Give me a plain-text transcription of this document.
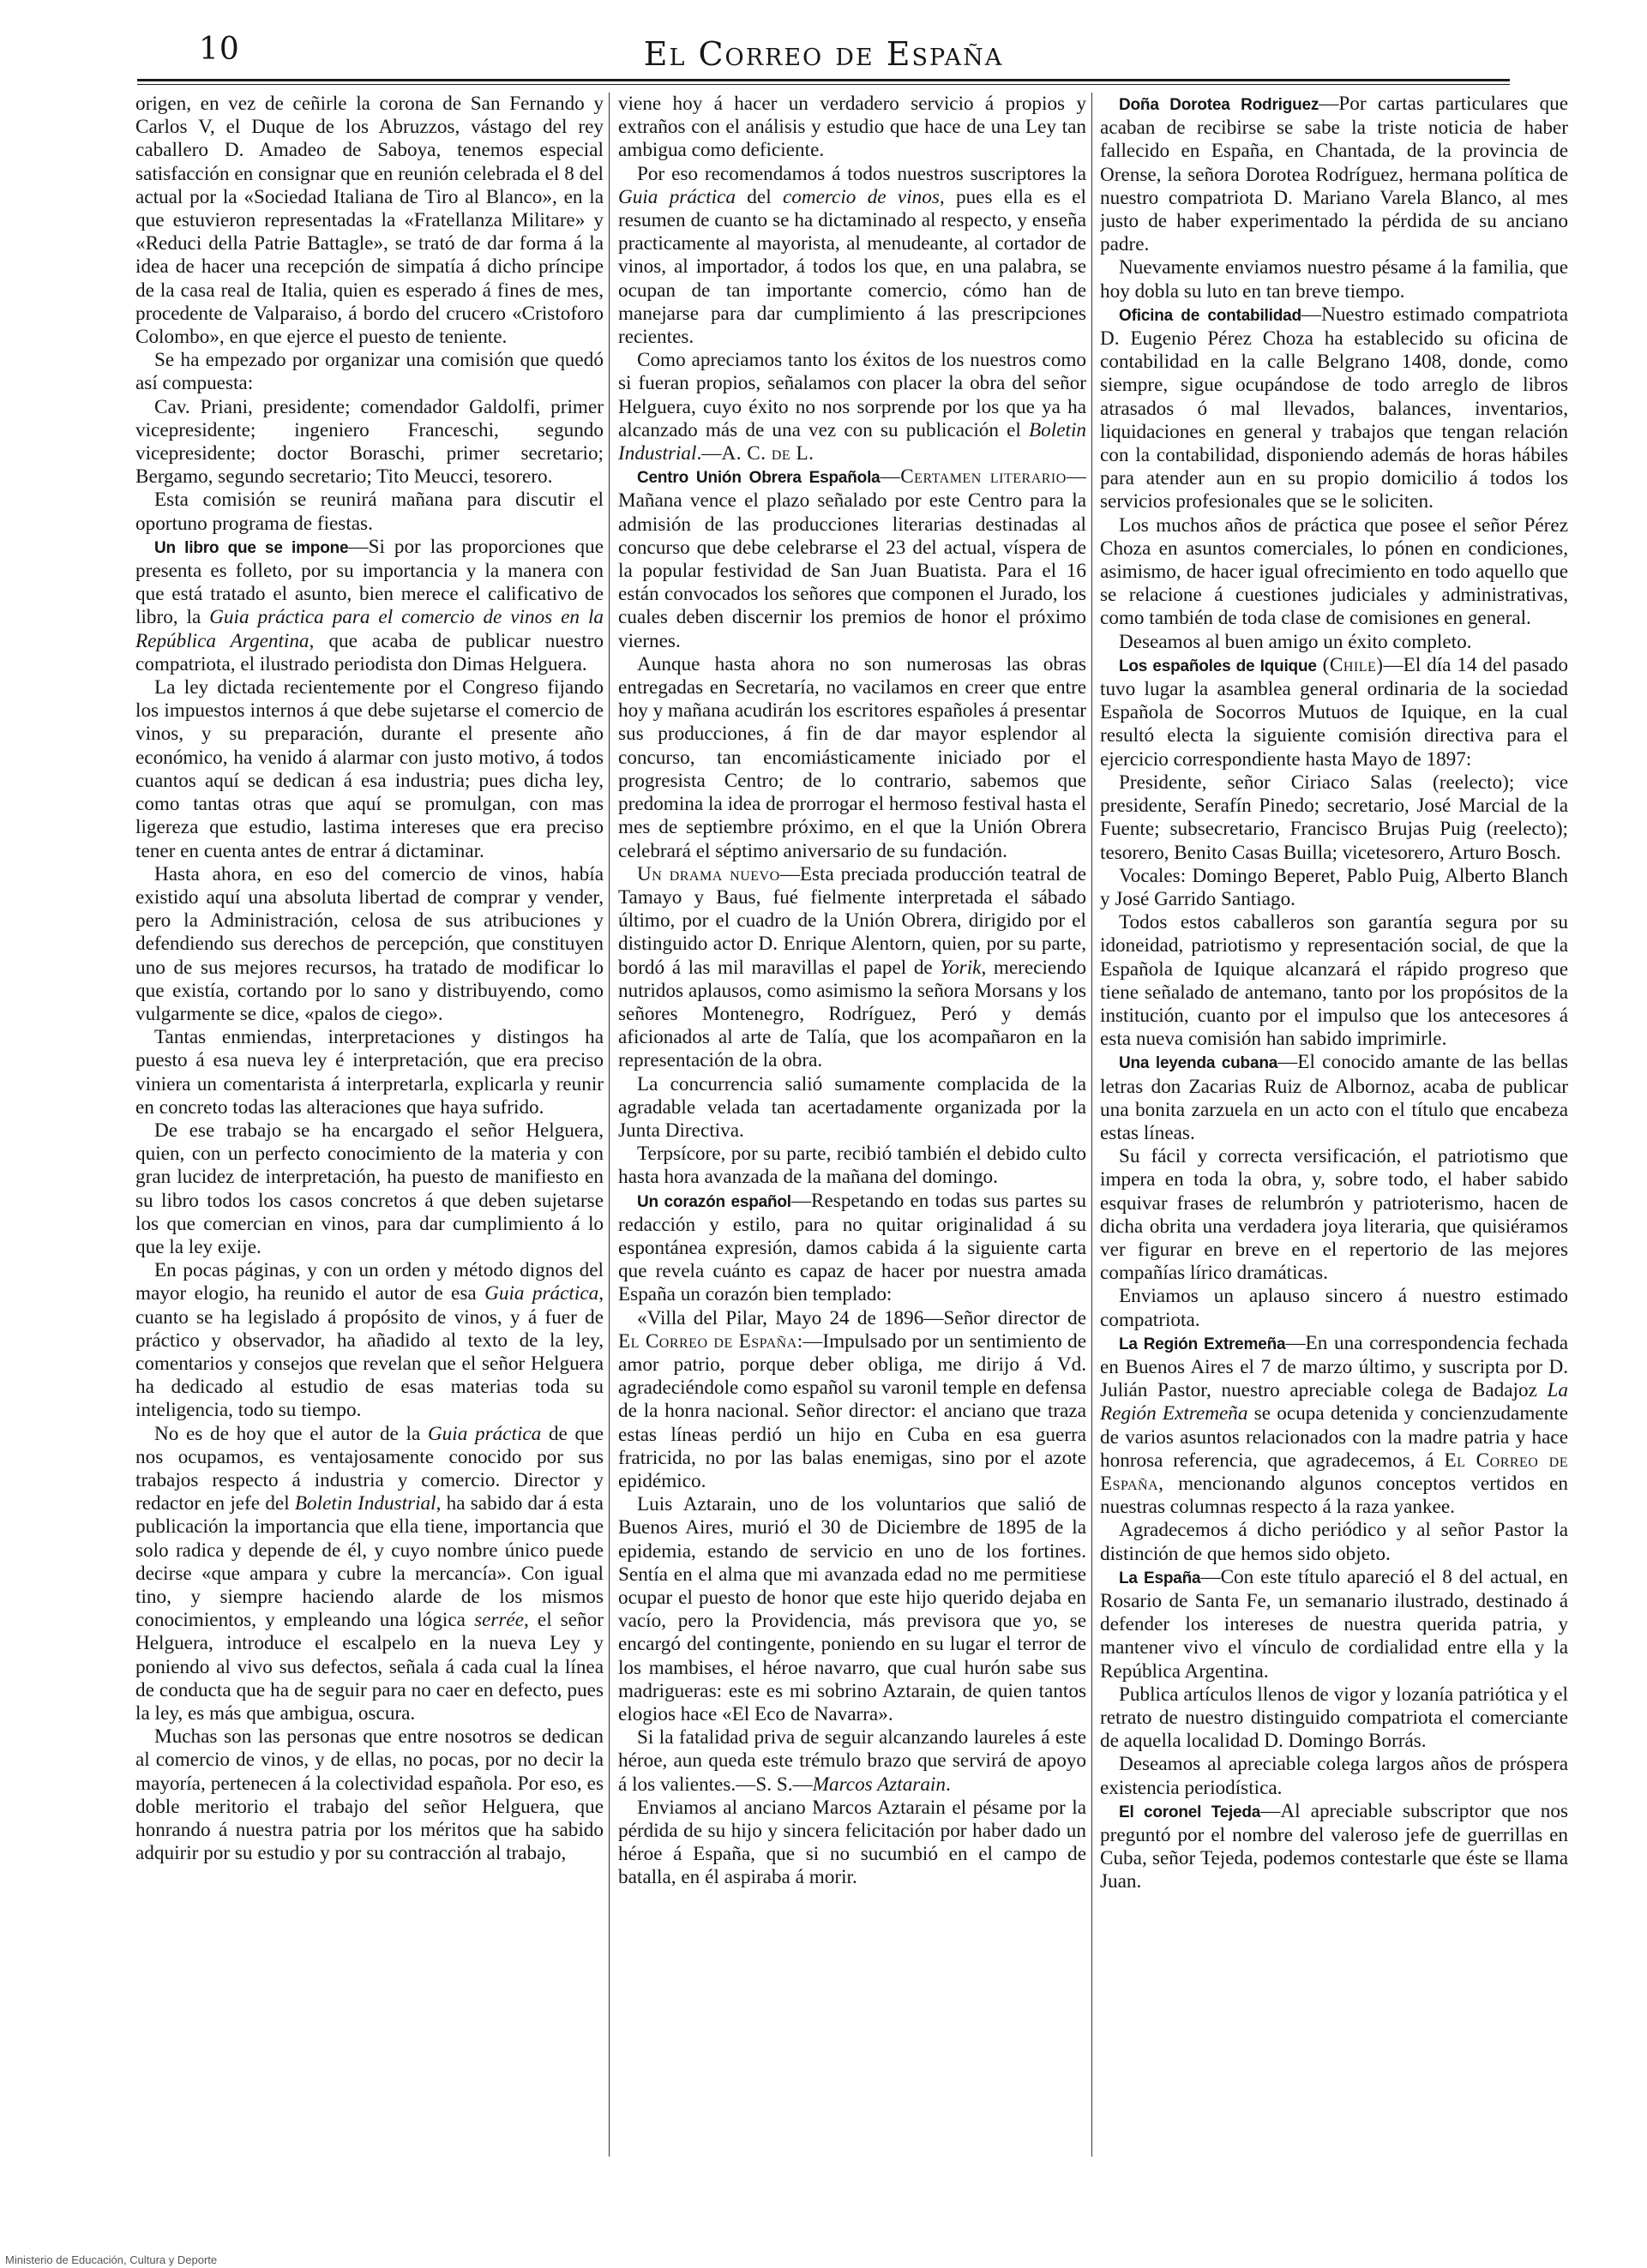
10	El Correo de España

origen, en vez de ceñirle la corona de San Fernando y Carlos V, el Duque de los Abruzzos, vástago del rey caballero D. Amadeo de Saboya, tenemos especial satisfacción en consignar que en reunión celebrada el 8 del actual por la «Sociedad Italiana de Tiro al Blanco», en la que estuvieron representadas la «Fratellanza Militare» y «Reduci della Patrie Battagle», se trató de dar forma á la idea de hacer una recepción de simpatía á dicho príncipe de la casa real de Italia, quien es esperado á fines de mes, procedente de Valparaiso, á bordo del crucero «Cristoforo Colombo», en que ejerce el puesto de teniente.

Se ha empezado por organizar una comisión que quedó así compuesta:

Cav. Priani, presidente; comendador Galdolfi, primer vicepresidente; ingeniero Franceschi, segundo vicepresidente; doctor Boraschi, primer secretario; Bergamo, segundo secretario; Tito Meucci, tesorero.

Esta comisión se reunirá mañana para discutir el oportuno programa de fiestas.

Un libro que se impone—Si por las proporciones que presenta es folleto, por su importancia y la manera con que está tratado el asunto, bien merece el calificativo de libro, la Guia práctica para el comercio de vinos en la República Argentina, que acaba de publicar nuestro compatriota, el ilustrado periodista don Dimas Helguera.

La ley dictada recientemente por el Congreso fijando los impuestos internos á que debe sujetarse el comercio de vinos, y su preparación, durante el presente año económico, ha venido á alarmar con justo motivo, á todos cuantos aquí se dedican á esa industria; pues dicha ley, como tantas otras que aquí se promulgan, con mas ligereza que estudio, lastima intereses que era preciso tener en cuenta antes de entrar á dictaminar.

Hasta ahora, en eso del comercio de vinos, había existido aquí una absoluta libertad de comprar y vender, pero la Administración, celosa de sus atribuciones y defendiendo sus derechos de percepción, que constituyen uno de sus mejores recursos, ha tratado de modificar lo que existía, cortando por lo sano y distribuyendo, como vulgarmente se dice, «palos de ciego».

Tantas enmiendas, interpretaciones y distingos ha puesto á esa nueva ley é interpretación, que era preciso viniera un comentarista á interpretarla, explicarla y reunir en concreto todas las alteraciones que haya sufrido.

De ese trabajo se ha encargado el señor Helguera, quien, con un perfecto conocimiento de la materia y con gran lucidez de interpretación, ha puesto de manifiesto en su libro todos los casos concretos á que deben sujetarse los que comercian en vinos, para dar cumplimiento á lo que la ley exije.

En pocas páginas, y con un orden y método dignos del mayor elogio, ha reunido el autor de esa Guia práctica, cuanto se ha legislado á propósito de vinos, y á fuer de práctico y observador, ha añadido al texto de la ley, comentarios y consejos que revelan que el señor Helguera ha dedicado al estudio de esas materias toda su inteligencia, todo su tiempo.

No es de hoy que el autor de la Guia práctica de que nos ocupamos, es ventajosamente conocido por sus trabajos respecto á industria y comercio. Director y redactor en jefe del Boletin Industrial, ha sabido dar á esta publicación la importancia que ella tiene, importancia que solo radica y depende de él, y cuyo nombre único puede decirse «que ampara y cubre la mercancía». Con igual tino, y siempre haciendo alarde de los mismos conocimientos, y empleando una lógica serrée, el señor Helguera, introduce el escalpelo en la nueva Ley y poniendo al vivo sus defectos, señala á cada cual la línea de conducta que ha de seguir para no caer en defecto, pues la ley, es más que ambigua, oscura.

Muchas son las personas que entre nosotros se dedican al comercio de vinos, y de ellas, no pocas, por no decir la mayoría, pertenecen á la colectividad española. Por eso, es doble meritorio el trabajo del señor Helguera, que honrando á nuestra patria por los méritos que ha sabido adquirir por su estudio y por su contracción al trabajo,

viene hoy á hacer un verdadero servicio á propios y extraños con el análisis y estudio que hace de una Ley tan ambigua como deficiente.

Por eso recomendamos á todos nuestros suscriptores la Guia práctica del comercio de vinos, pues ella es el resumen de cuanto se ha dictaminado al respecto, y enseña practicamente al mayorista, al menudeante, al cortador de vinos, al importador, á todos los que, en una palabra, se ocupan de tan importante comercio, cómo han de manejarse para dar cumplimiento á las prescripciones recientes.

Como apreciamos tanto los éxitos de los nuestros como si fueran propios, señalamos con placer la obra del señor Helguera, cuyo éxito no nos sorprende por los que ya ha alcanzado más de una vez con su publicación el Boletin Industrial.—A. C. de L.

Centro Unión Obrera Española—Certamen literario—Mañana vence el plazo señalado por este Centro para la admisión de las producciones literarias destinadas al concurso que debe celebrarse el 23 del actual, víspera de la popular festividad de San Juan Buatista. Para el 16 están convocados los señores que componen el Jurado, los cuales deben discernir los premios de honor el próximo viernes.

Aunque hasta ahora no son numerosas las obras entregadas en Secretaría, no vacilamos en creer que entre hoy y mañana acudirán los escritores españoles á presentar sus producciones, á fin de dar mayor esplendor al concurso, tan encomiásticamente iniciado por el progresista Centro; de lo contrario, sabemos que predomina la idea de prorrogar el hermoso festival hasta el mes de septiembre próximo, en el que la Unión Obrera celebrará el séptimo aniversario de su fundación.

Un drama nuevo—Esta preciada producción teatral de Tamayo y Baus, fué fielmente interpretada el sábado último, por el cuadro de la Unión Obrera, dirigido por el distinguido actor D. Enrique Alentorn, quien, por su parte, bordó á las mil maravillas el papel de Yorik, mereciendo nutridos aplausos, como asimismo la señora Morsans y los señores Montenegro, Rodríguez, Peró y demás aficionados al arte de Talía, que los acompañaron en la representación de la obra.

La concurrencia salió sumamente complacida de la agradable velada tan acertadamente organizada por la Junta Directiva.

Terpsícore, por su parte, recibió también el debido culto hasta hora avanzada de la mañana del domingo.

Un corazón español—Respetando en todas sus partes su redacción y estilo, para no quitar originalidad á su espontánea expresión, damos cabida á la siguiente carta que revela cuánto es capaz de hacer por nuestra amada España un corazón bien templado:

«Villa del Pilar, Mayo 24 de 1896—Señor director de El Correo de España:—Impulsado por un sentimiento de amor patrio, porque deber obliga, me dirijo á Vd. agradeciéndole como español su varonil temple en defensa de la honra nacional. Señor director: el anciano que traza estas líneas perdió un hijo en Cuba en esa guerra fratricida, no por las balas enemigas, sino por el azote epidémico.

Luis Aztarain, uno de los voluntarios que salió de Buenos Aires, murió el 30 de Diciembre de 1895 de la epidemia, estando de servicio en uno de los fortines. Sentía en el alma que mi avanzada edad no me permitiese ocupar el puesto de honor que este hijo querido dejaba en vacío, pero la Providencia, más previsora que yo, se encargó del contingente, poniendo en su lugar el terror de los mambises, el héroe navarro, que cual hurón sabe sus madrigueras: este es mi sobrino Aztarain, de quien tantos elogios hace «El Eco de Navarra».

Si la fatalidad priva de seguir alcanzando laureles á este héroe, aun queda este trémulo brazo que servirá de apoyo á los valientes.—S. S.—Marcos Aztarain.

Enviamos al anciano Marcos Aztarain el pésame por la pérdida de su hijo y sincera felicitación por haber dado un héroe á España, que si no sucumbió en el campo de batalla, en él aspiraba á morir.

Doña Dorotea Rodriguez—Por cartas particulares que acaban de recibirse se sabe la triste noticia de haber fallecido en España, en Chantada, de la provincia de Orense, la señora Dorotea Rodríguez, hermana política de nuestro compatriota D. Mariano Varela Blanco, al mes justo de haber experimentado la pérdida de su anciano padre.

Nuevamente enviamos nuestro pésame á la familia, que hoy dobla su luto en tan breve tiempo.

Oficina de contabilidad—Nuestro estimado compatriota D. Eugenio Pérez Choza ha establecido su oficina de contabilidad en la calle Belgrano 1408, donde, como siempre, sigue ocupándose de todo arreglo de libros atrasados ó mal llevados, balances, inventarios, liquidaciones en general y trabajos que tengan relación con la contabilidad, disponiendo además de horas hábiles para atender aun en su propio domicilio á todos los servicios profesionales que se le soliciten.

Los muchos años de práctica que posee el señor Pérez Choza en asuntos comerciales, lo pónen en condiciones, asimismo, de hacer igual ofrecimiento en todo aquello que se relacione á cuestiones judiciales y administrativas, como también de toda clase de comisiones en general.

Deseamos al buen amigo un éxito completo.

Los españoles de Iquique (Chile)—El día 14 del pasado tuvo lugar la asamblea general ordinaria de la sociedad Española de Socorros Mutuos de Iquique, en la cual resultó electa la siguiente comisión directiva para el ejercicio correspondiente hasta Mayo de 1897:

Presidente, señor Ciriaco Salas (reelecto); vice presidente, Serafín Pinedo; secretario, José Marcial de la Fuente; subsecretario, Francisco Brujas Puig (reelecto); tesorero, Benito Casas Builla; vicetesorero, Arturo Bosch.

Vocales: Domingo Beperet, Pablo Puig, Alberto Blanch y José Garrido Santiago.

Todos estos caballeros son garantía segura por su idoneidad, patriotismo y representación social, de que la Española de Iquique alcanzará el rápido progreso que tiene señalado de antemano, tanto por los propósitos de la institución, cuanto por el impulso que los antecesores á esta nueva comisión han sabido imprimirle.

Una leyenda cubana—El conocido amante de las bellas letras don Zacarias Ruiz de Albornoz, acaba de publicar una bonita zarzuela en un acto con el título que encabeza estas líneas.

Su fácil y correcta versificación, el patriotismo que impera en toda la obra, y, sobre todo, el haber sabido esquivar frases de relumbrón y patrioterismo, hacen de dicha obrita una verdadera joya literaria, que quisiéramos ver figurar en breve en el repertorio de las mejores compañías lírico dramáticas.

Enviamos un aplauso sincero á nuestro estimado compatriota.

La Región Extremeña—En una correspondencia fechada en Buenos Aires el 7 de marzo último, y suscripta por D. Julián Pastor, nuestro apreciable colega de Badajoz La Región Extremeña se ocupa detenida y concienzudamente de varios asuntos relacionados con la madre patria y hace honrosa referencia, que agradecemos, á El Correo de España, mencionando algunos conceptos vertidos en nuestras columnas respecto á la raza yankee.

Agradecemos á dicho periódico y al señor Pastor la distinción de que hemos sido objeto.

La España—Con este título apareció el 8 del actual, en Rosario de Santa Fe, un semanario ilustrado, destinado á defender los intereses de nuestra querida patria, y mantener vivo el vínculo de cordialidad entre ella y la República Argentina.

Publica artículos llenos de vigor y lozanía patriótica y el retrato de nuestro distinguido compatriota el comerciante de aquella localidad D. Domingo Borrás.

Deseamos al apreciable colega largos años de próspera existencia periodística.

El coronel Tejeda—Al apreciable subscriptor que nos preguntó por el nombre del valeroso jefe de guerrillas en Cuba, señor Tejeda, podemos contestarle que éste se llama Juan.

Ministerio de Educación, Cultura y Deporte
